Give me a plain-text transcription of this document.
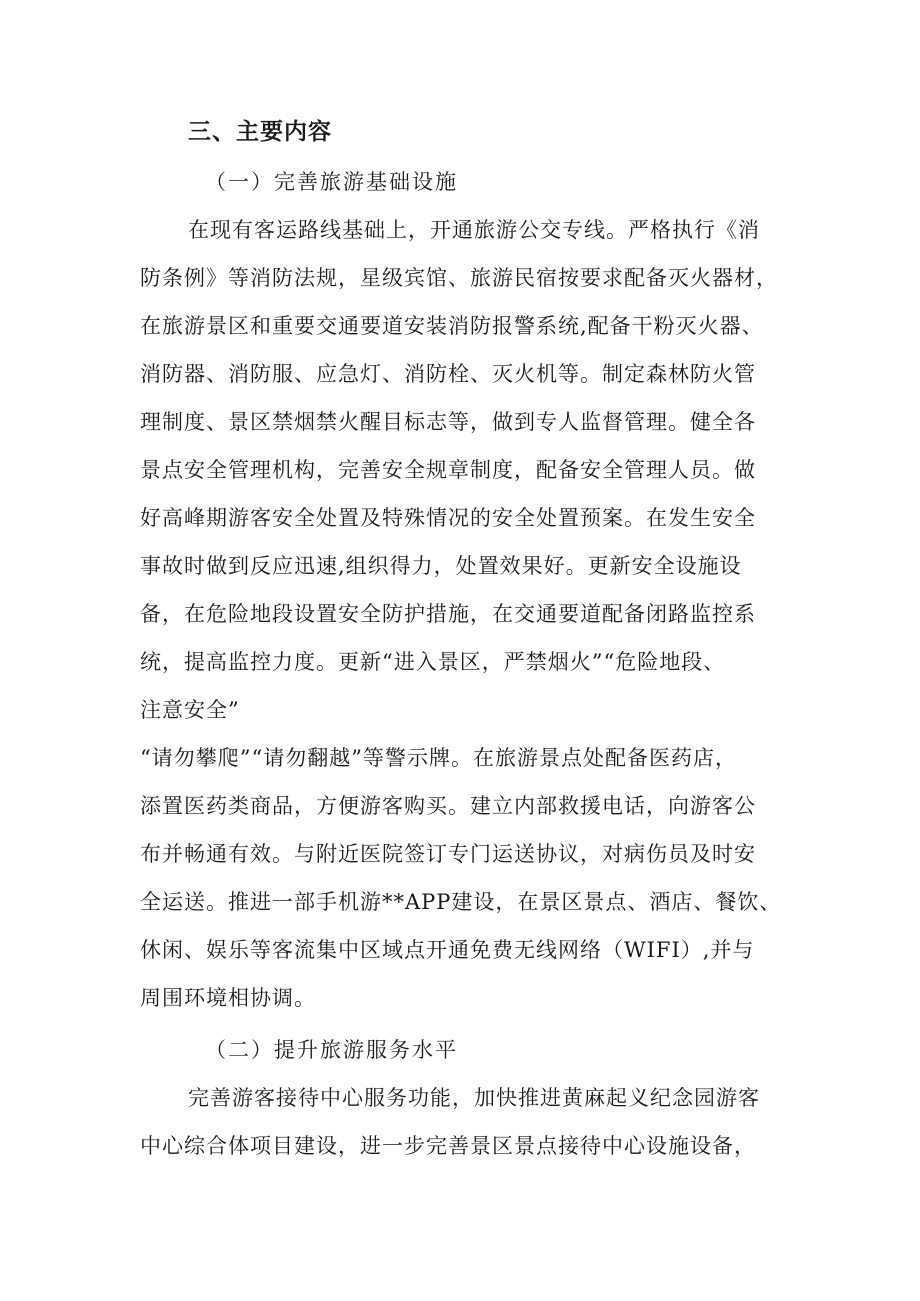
三、主要内容
（一）完善旅游基础设施
在现有客运路线基础上，开通旅游公交专线。严格执行《消
防条例》等消防法规，星级宾馆、旅游民宿按要求配备灭火器材，
在旅游景区和重要交通要道安装消防报警系统,配备干粉灭火器、
消防器、消防服、应急灯、消防栓、灭火机等。制定森林防火管
理制度、景区禁烟禁火醒目标志等，做到专人监督管理。健全各
景点安全管理机构，完善安全规章制度，配备安全管理人员。做
好高峰期游客安全处置及特殊情况的安全处置预案。在发生安全
事故时做到反应迅速,组织得力，处置效果好。更新安全设施设
备，在危险地段设置安全防护措施，在交通要道配备闭路监控系
统，提高监控力度。更新“进入景区，严禁烟火”“危险地段、
注意安全”
“请勿攀爬”“请勿翻越”等警示牌。在旅游景点处配备医药店，
添置医药类商品，方便游客购买。建立内部救援电话，向游客公
布并畅通有效。与附近医院签订专门运送协议，对病伤员及时安
全运送。推进一部手机游**APP建设，在景区景点、酒店、餐饮、
休闲、娱乐等客流集中区域点开通免费无线网络（WIFI）,并与
周围环境相协调。
（二）提升旅游服务水平
完善游客接待中心服务功能，加快推进黄麻起义纪念园游客
中心综合体项目建设，进一步完善景区景点接待中心设施设备，
